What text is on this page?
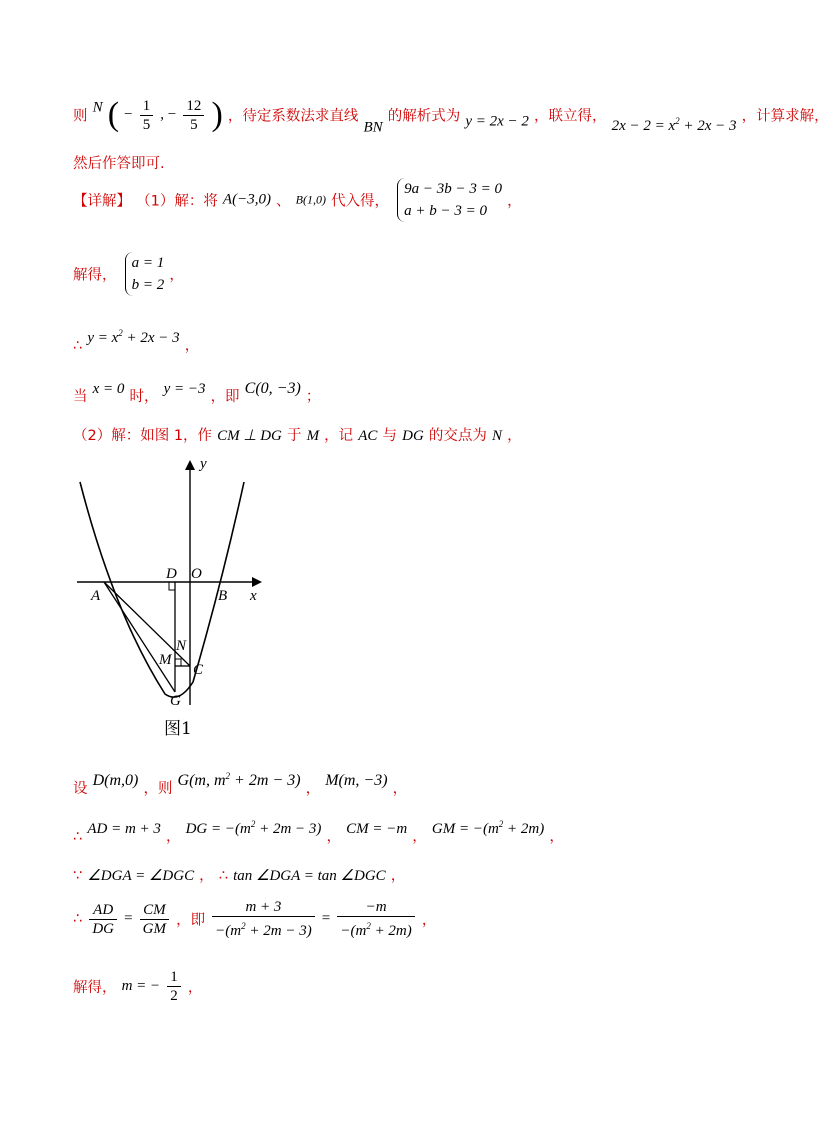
则 N ( − $\frac{1}{5}$ , − $\frac{12}{5}$ ) ，待定系数法求直线 BN 的解析式为 y = 2x − 2 ，联立得， $2x - 2 = x^2 + 2x - 3$ ，计算求解，
然后作答即可.
【详解】 （1）解：将 A(−3,0) 、 B(1,0) 代入得，
9a − 3b − 3 = 0
a + b − 3 = 0
，
解得，
a = 1
b = 2
，
∴ $y = x^2 + 2x - 3$ ，
当 x = 0 时， y = −3 ，即 C(0, −3) ；
（2）解：如图 1，作 CM ⊥ DG 于 M ，记 AC 与 DG 的交点为 N ，
y
x
D O
A	B
N
M
C
G
图1
设 D(m,0) ，则 G(m, $m^2 + 2m - 3$) ， M(m, −3) ，
∴ AD = m + 3 ， DG = $-(m^2 + 2m - 3)$ ， CM = −m ， GM = $-(m^2 + 2m)$ ，
∵ ∠DGA = ∠DGC ， ∴ tan ∠DGA = tan ∠DGC ，
∴ $\frac{AD}{DG} = \frac{CM}{GM}$ ，即 $\frac{m + 3}{-(m^2 + 2m - 3)} = \frac{-m}{-(m^2 + 2m)}$ ，
解得， m = − $\frac{1}{2}$ ，
